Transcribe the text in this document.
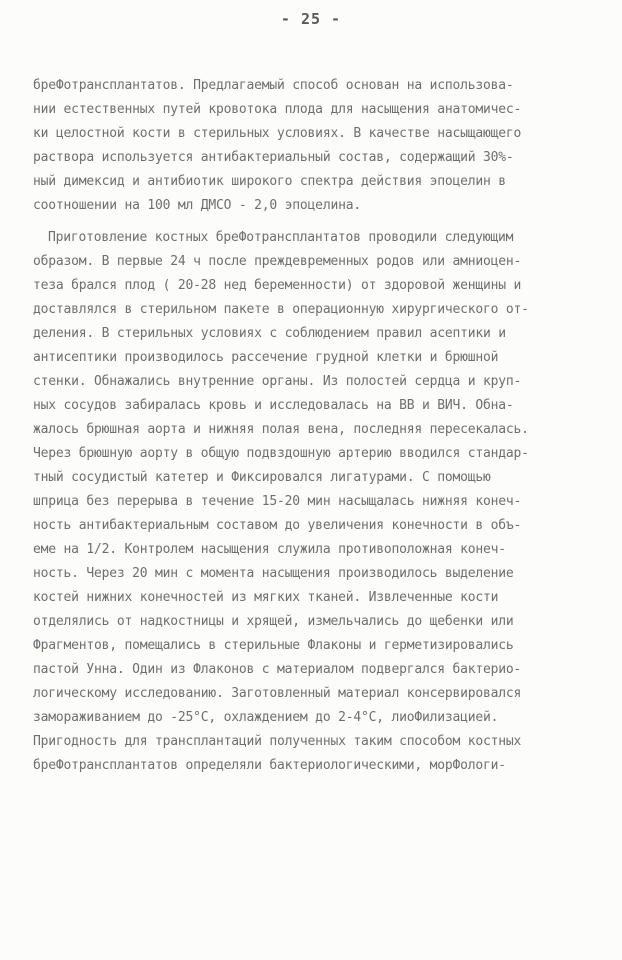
- 25 -
бреФотрансплантатов. Предлагаемый способ основан на использова-
нии естественных путей кровотока плода для насыщения анатомичес-
ки целостной кости в стерильных условиях. В качестве насыщающего
раствора используется антибактериальный состав, содержащий 30%-
ный димексид и антибиотик широкого спектра действия эпоцелин в
соотношении на 100 мл ДМСО - 2,0 эпоцелина.
Приготовление костных бреФотрансплантатов проводили следующим
образом. В первые 24 ч после преждевременных родов или амниоцен-
теза брался плод ( 20-28 нед беременности) от здоровой женщины и
доставлялся в стерильном пакете в операционную хирургического от-
деления. В стерильных условиях с соблюдением правил асептики и
антисептики производилось рассечение грудной клетки и брюшной
стенки. Обнажались внутренние органы. Из полостей сердца и круп-
ных сосудов забиралась кровь и исследовалась на ВВ и ВИЧ. Обна-
жалось брюшная аорта и нижняя полая вена, последняя пересекалась.
Через брюшную аорту в общую подвздошную артерию вводился стандар-
тный сосудистый катетер и Фиксировался лигатурами. С помощью
шприца без перерыва в течение 15-20 мин насыщалась нижняя конеч-
ность антибактериальным составом до увеличения конечности в объ-
еме на 1/2. Контролем насыщения служила противоположная конеч-
ность. Через 20 мин с момента насыщения производилось выделение
костей нижних конечностей из мягких тканей. Извлеченные кости
отделялись от надкостницы и хрящей, измельчались до щебенки или
Фрагментов, помещались в стерильные Флаконы и герметизировались
пастой Унна. Один из Флаконов с материалом подвергался бактерио-
логическому исследованию. Заготовленный материал консервировался
замораживанием до -25°С, охлаждением до 2-4°С, лиоФилизацией.
Пригодность для трансплантаций полученных таким способом костных
бреФотрансплантатов определяли бактериологическими, морФологи-
